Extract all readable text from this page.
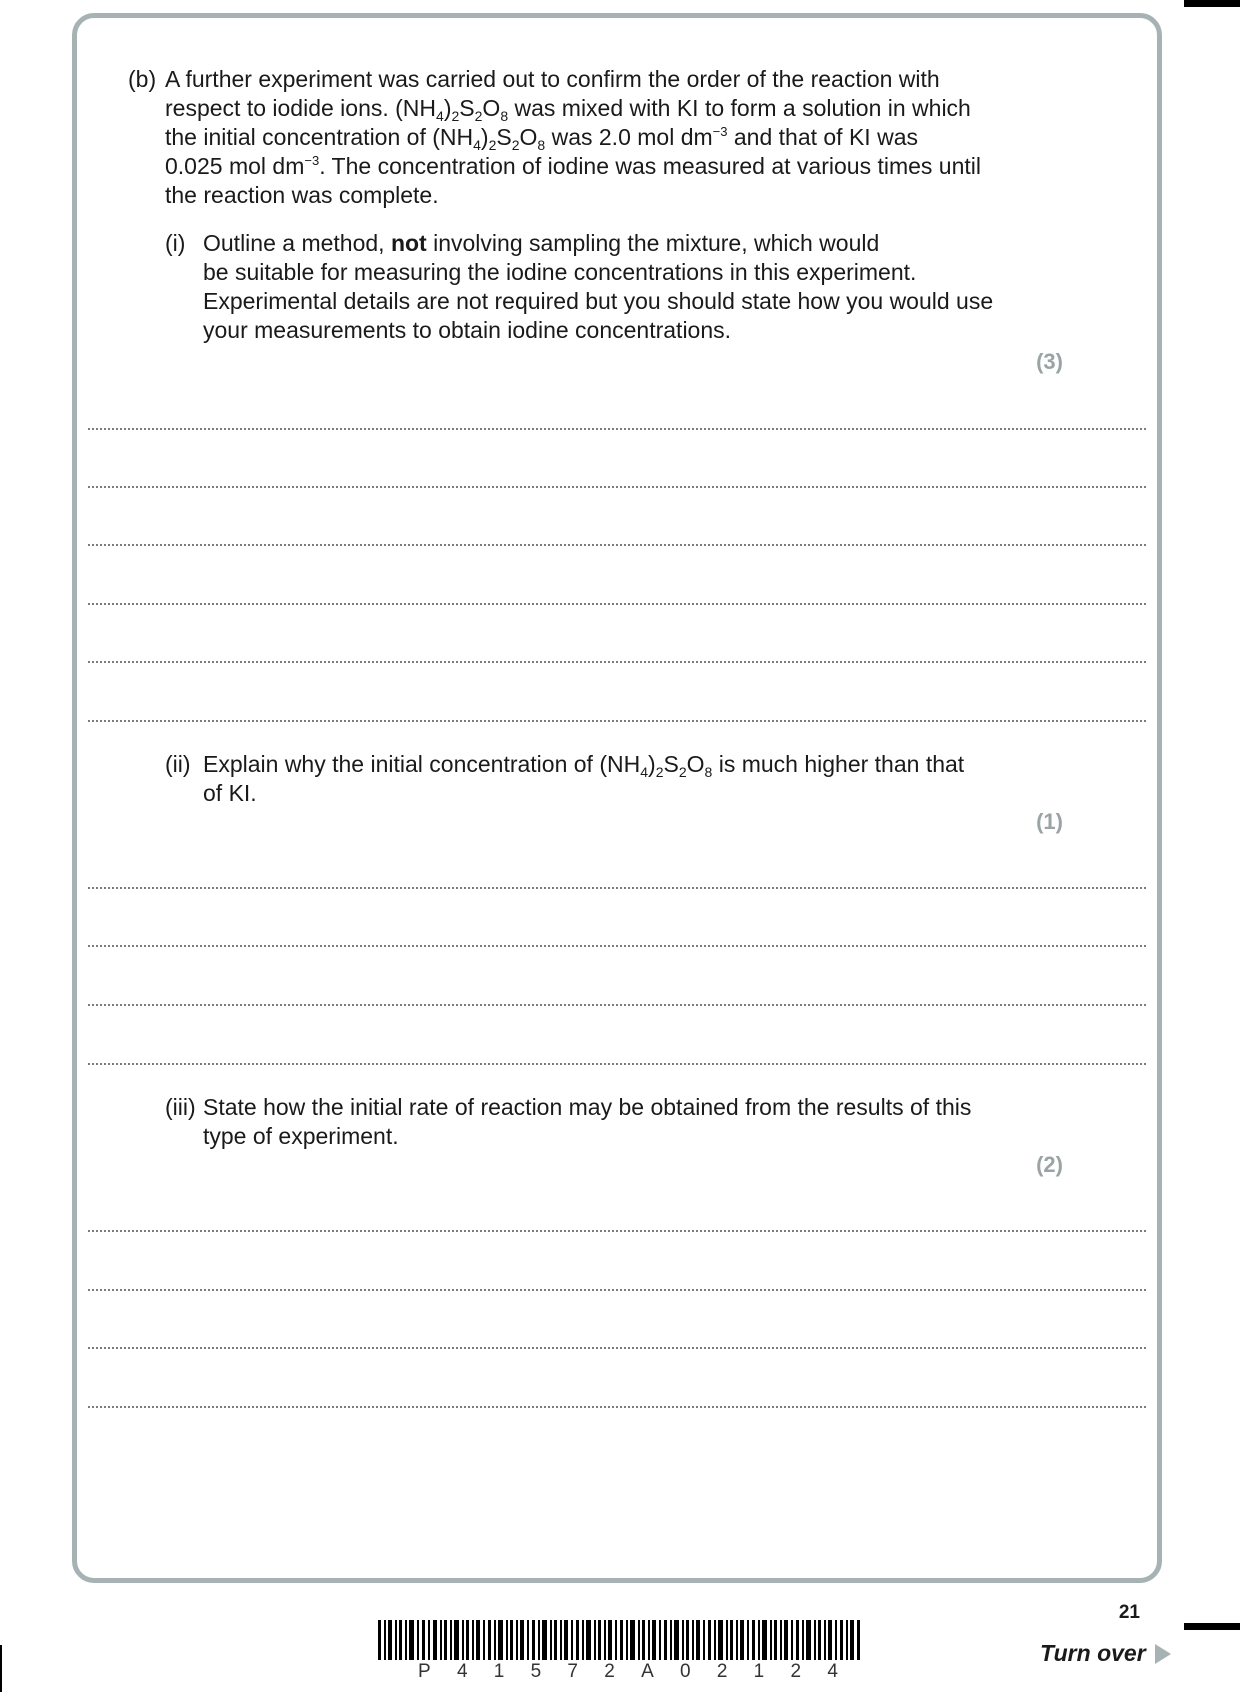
(b) A further experiment was carried out to confirm the order of the reaction with
respect to iodide ions. $(NH_4)_2S_2O_8$ was mixed with KI to form a solution in which
the initial concentration of $(NH_4)_2S_2O_8$ was 2.0 mol $dm^{-3}$ and that of KI was
0.025 mol $dm^{-3}$. The concentration of iodine was measured at various times until
the reaction was complete.
(i) Outline a method, not involving sampling the mixture, which would
be suitable for measuring the iodine concentrations in this experiment.
Experimental details are not required but you should state how you would use
your measurements to obtain iodine concentrations.
(3)
(ii) Explain why the initial concentration of $(NH_4)_2S_2O_8$ is much higher than that
of KI.
(1)
(iii) State how the initial rate of reaction may be obtained from the results of this
type of experiment.
(2)
21
P 4 1 5 7 2 A 0 2 1 2 4
Turn over
